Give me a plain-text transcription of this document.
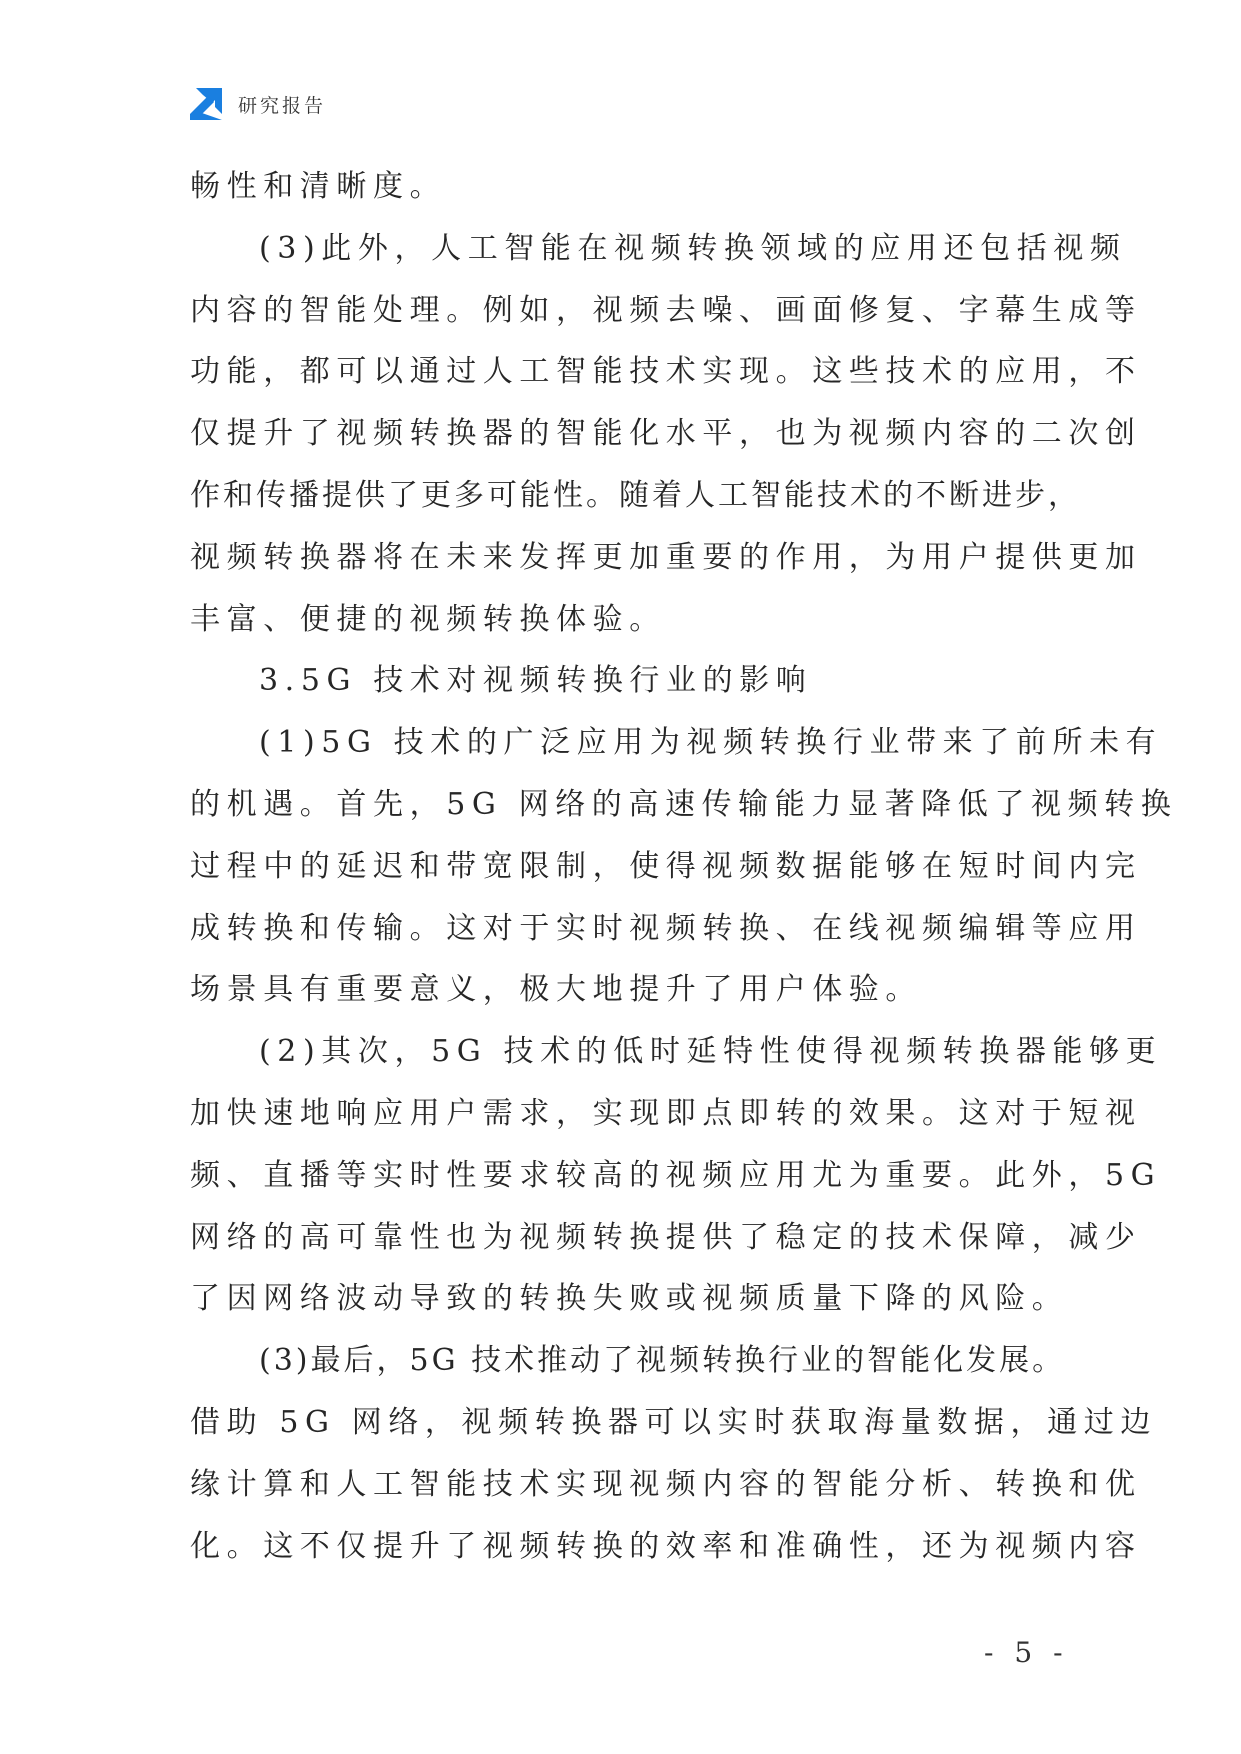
研究报告
畅性和清晰度。
(3)此外，人工智能在视频转换领域的应用还包括视频
内容的智能处理。例如，视频去噪、画面修复、字幕生成等
功能，都可以通过人工智能技术实现。这些技术的应用，不
仅提升了视频转换器的智能化水平，也为视频内容的二次创
作和传播提供了更多可能性。随着人工智能技术的不断进步，
视频转换器将在未来发挥更加重要的作用，为用户提供更加
丰富、便捷的视频转换体验。
3.5G 技术对视频转换行业的影响
(1)5G 技术的广泛应用为视频转换行业带来了前所未有
的机遇。首先，5G 网络的高速传输能力显著降低了视频转换
过程中的延迟和带宽限制，使得视频数据能够在短时间内完
成转换和传输。这对于实时视频转换、在线视频编辑等应用
场景具有重要意义，极大地提升了用户体验。
(2)其次，5G 技术的低时延特性使得视频转换器能够更
加快速地响应用户需求，实现即点即转的效果。这对于短视
频、直播等实时性要求较高的视频应用尤为重要。此外，5G
网络的高可靠性也为视频转换提供了稳定的技术保障，减少
了因网络波动导致的转换失败或视频质量下降的风险。
(3)最后，5G 技术推动了视频转换行业的智能化发展。
借助 5G 网络，视频转换器可以实时获取海量数据，通过边
缘计算和人工智能技术实现视频内容的智能分析、转换和优
化。这不仅提升了视频转换的效率和准确性，还为视频内容
- 5 -
